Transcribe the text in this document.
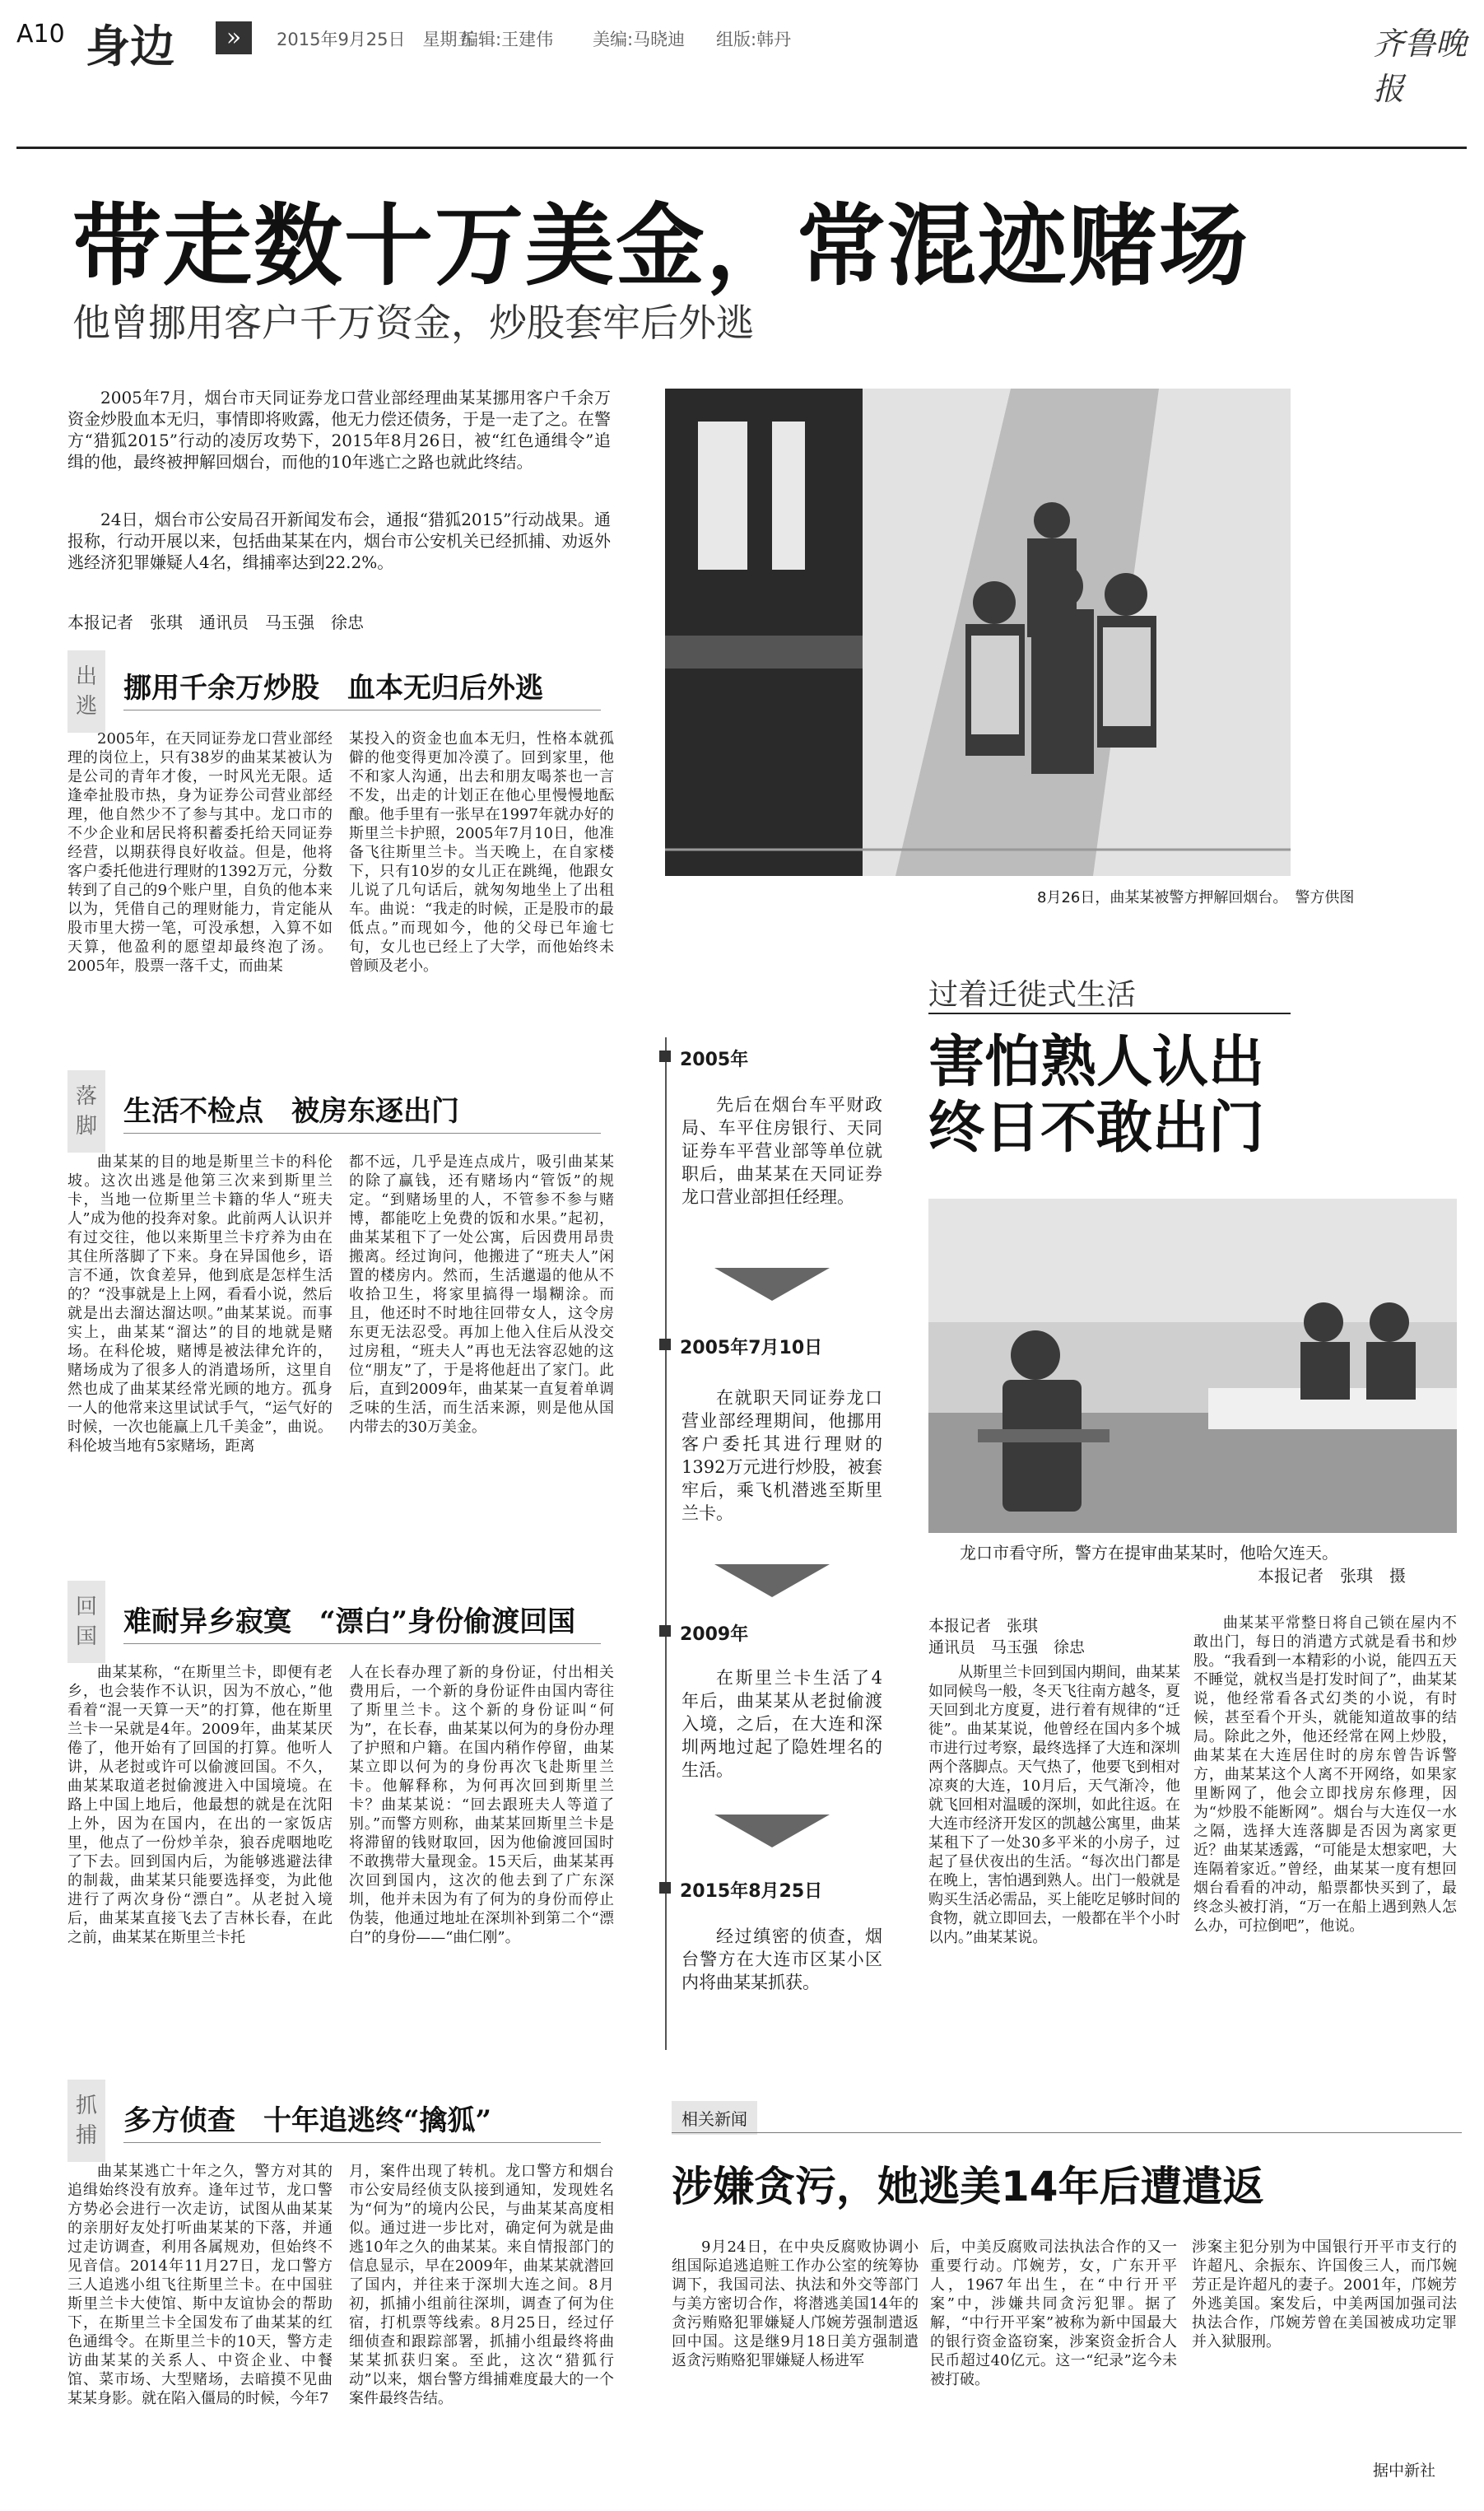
A10 身边	»	2015年9月25日　星期五
编辑:王建伟 美编:马晓迪 组版:韩丹	齐鲁晚报
带走数十万美金，常混迹赌场
他曾挪用客户千万资金，炒股套牢后外逃
2005年7月，烟台市天同证券龙口营业部经理曲某某挪用客户千余万资金炒股血本无归，事情即将败露，他无力偿还债务，于是一走了之。在警方“猎狐2015”行动的凌厉攻势下，2015年8月26日，被“红色通缉令”追缉的他，最终被押解回烟台，而他的10年逃亡之路也就此终结。
24日，烟台市公安局召开新闻发布会，通报“猎狐2015”行动战果。通报称，行动开展以来，包括曲某某在内，烟台市公安机关已经抓捕、劝返外逃经济犯罪嫌疑人4名，缉捕率达到22.2%。
本报记者　张琪　通讯员　马玉强　徐忠
8月26日，曲某某被警方押解回烟台。　警方供图
出逃
挪用千余万炒股　血本无归后外逃
2005年，在天同证券龙口营业部经理的岗位上，只有38岁的曲某某被认为是公司的青年才俊，一时风光无限。适逢牵扯股市热，身为证券公司营业部经理，他自然少不了参与其中。龙口市的不少企业和居民将积蓄委托给天同证券经营，以期获得良好收益。但是，他将客户委托他进行理财的1392万元，分数转到了自己的9个账户里，自负的他本来以为，凭借自己的理财能力，肯定能从股市里大捞一笔，可没承想，入算不如天算，他盈利的愿望却最终泡了汤。2005年，股票一落千丈，而曲某
某投入的资金也血本无归，性格本就孤僻的他变得更加冷漠了。回到家里，他不和家人沟通，出去和朋友喝茶也一言不发，出走的计划正在他心里慢慢地酝酿。他手里有一张早在1997年就办好的斯里兰卡护照，2005年7月10日，他准备飞往斯里兰卡。当天晚上，在自家楼下，只有10岁的女儿正在跳绳，他跟女儿说了几句话后，就匆匆地坐上了出租车。曲说：“我走的时候，正是股市的最低点。”而现如今，他的父母已年逾七旬，女儿也已经上了大学，而他始终未曾顾及老小。
落脚 生活不检点　被房东逐出门
曲某某的目的地是斯里兰卡的科伦坡。这次出逃是他第三次来到斯里兰卡，当地一位斯里兰卡籍的华人“班夫人”成为他的投奔对象。此前两人认识并有过交往，他以来斯里兰卡疗养为由在其住所落脚了下来。身在异国他乡，语言不通，饮食差异，他到底是怎样生活的？“没事就是上上网，看看小说，然后就是出去溜达溜达呗。”曲某某说。而事实上，曲某某“溜达”的目的地就是赌场。在科伦坡，赌博是被法律允许的，赌场成为了很多人的消遣场所，这里自然也成了曲某某经常光顾的地方。孤身一人的他常来这里试试手气，“运气好的时候，一次也能赢上几千美金”，曲说。科伦坡当地有5家赌场，距离
都不远，几乎是连点成片，吸引曲某某的除了赢钱，还有赌场内“管饭”的规定。“到赌场里的人，不管参不参与赌博，都能吃上免费的饭和水果。”起初，曲某某租下了一处公寓，后因费用昂贵搬离。经过询问，他搬进了“班夫人”闲置的楼房内。然而，生活邋遢的他从不收拾卫生，将家里搞得一塌糊涂。而且，他还时不时地往回带女人，这令房东更无法忍受。再加上他入住后从没交过房租，“班夫人”再也无法容忍她的这位“朋友”了，于是将他赶出了家门。此后，直到2009年，曲某某一直复着单调乏味的生活，而生活来源，则是他从国内带去的30万美金。
回国 难耐异乡寂寞　“漂白”身份偷渡回国
曲某某称，“在斯里兰卡，即便有老乡，也会装作不认识，因为不放心，”他看着“混一天算一天”的打算，他在斯里兰卡一呆就是4年。2009年，曲某某厌倦了，他开始有了回国的打算。他听人讲，从老挝或许可以偷渡回国。不久，曲某某取道老挝偷渡进入中国境境。在路上中国上地后，他最想的就是在沈阳上外，因为在国内，在出的一家饭店里，他点了一份炒羊杂，狼吞虎咽地吃了下去。回到国内后，为能够逃避法律的制裁，曲某某只能要选择变，为此他进行了两次身份“漂白”。从老挝入境后，曲某某直接飞去了吉林长春，在此之前，曲某某在斯里兰卡托
人在长春办理了新的身份证，付出相关费用后，一个新的身份证件由国内寄往了斯里兰卡。这个新的身份证叫“何为”，在长春，曲某某以何为的身份办理了护照和户籍。在国内稍作停留，曲某某立即以何为的身份再次飞赴斯里兰卡。他解释称，为何再次回到斯里兰卡？曲某某说：“回去跟班夫人等道了别。”而警方则称，曲某某回斯里兰卡是将滞留的钱财取回，因为他偷渡回国时不敢携带大量现金。15天后，曲某某再次回到国内，这次的他去到了广东深圳，他并未因为有了何为的身份而停止伪装，他通过地址在深圳补到第二个“漂白”的身份——“曲仁刚”。
抓捕 多方侦查　十年追逃终“擒狐”
曲某某逃亡十年之久，警方对其的追缉始终没有放弃。逢年过节，龙口警方势必会进行一次走访，试图从曲某某的亲朋好友处打听曲某某的下落，并通过走访调查，利用各属规劝，但始终不见音信。2014年11月27日，龙口警方三人追逃小组飞往斯里兰卡。在中国驻斯里兰卡大使馆、斯中友谊协会的帮助下，在斯里兰卡全国发布了曲某某的红色通缉令。在斯里兰卡的10天，警方走访曲某某的关系人、中资企业、中餐馆、菜市场、大型赌场，去暗摸不见曲某某身影。就在陷入僵局的时候，今年7
月，案件出现了转机。龙口警方和烟台市公安局经侦支队接到通知，发现姓名为“何为”的境内公民，与曲某某高度相似。通过进一步比对，确定何为就是曲逃10年之久的曲某某。来自情报部门的信息显示，早在2009年，曲某某就潜回了国内，并往来于深圳大连之间。8月初，抓捕小组前往深圳，调查了何为住宿，打机票等线索。8月25日，经过仔细侦查和跟踪部署，抓捕小组最终将曲某某抓获归案。至此，这次“猎狐行动”以来，烟台警方缉捕难度最大的一个案件最终告结。
2005年
先后在烟台车平财政局、车平住房银行、天同证券车平营业部等单位就职后，曲某某在天同证券龙口营业部担任经理。
2005年7月10日
在就职天同证券龙口营业部经理期间，他挪用客户委托其进行理财的1392万元进行炒股，被套牢后，乘飞机潜逃至斯里兰卡。
2009年
在斯里兰卡生活了4年后，曲某某从老挝偷渡入境，之后，在大连和深圳两地过起了隐姓埋名的生活。
2015年8月25日
经过缜密的侦查，烟台警方在大连市区某小区内将曲某某抓获。
过着迁徙式生活
害怕熟人认出
终日不敢出门
龙口市看守所，警方在提审曲某某时，他哈欠连天。
本报记者　张琪　摄
本报记者　张琪
通讯员　马玉强　徐忠
从斯里兰卡回到国内期间，曲某某如同候鸟一般，冬天飞往南方越冬，夏天回到北方度夏，进行着有规律的“迁徙”。曲某某说，他曾经在国内多个城市进行过考察，最终选择了大连和深圳两个落脚点。天气热了，他要飞到相对凉爽的大连，10月后，天气渐冷，他就飞回相对温暖的深圳，如此往返。在大连市经济开发区的凯越公寓里，曲某某租下了一处30多平米的小房子，过起了昼伏夜出的生活。“每次出门都是在晚上，害怕遇到熟人。出门一般就是购买生活必需品，买上能吃足够时间的食物，就立即回去，一般都在半个小时以内。”曲某某说。
曲某某平常整日将自己锁在屋内不敢出门，每日的消遣方式就是看书和炒股。“我看到一本精彩的小说，能四五天不睡觉，就权当是打发时间了”，曲某某说，他经常看各式幻类的小说，有时候，甚至看个开头，就能知道故事的结局。除此之外，他还经常在网上炒股，曲某某在大连居住时的房东曾告诉警方，曲某某这个人离不开网络，如果家里断网了，他会立即找房东修理，因为“炒股不能断网”。烟台与大连仅一水之隔，选择大连落脚是否因为离家更近？曲某某透露，“可能是太想家吧，大连隔着家近。”曾经，曲某某一度有想回烟台看看的冲动，船票都快买到了，最终念头被打消，“万一在船上遇到熟人怎么办，可拉倒吧”，他说。
相关新闻
涉嫌贪污，她逃美14年后遭遣返
9月24日，在中央反腐败协调小组国际追逃追赃工作办公室的统筹协调下，我国司法、执法和外交等部门与美方密切合作，将潜逃美国14年的贪污贿赂犯罪嫌疑人邝婉芳强制遣返回中国。这是继9月18日美方强制遣返贪污贿赂犯罪嫌疑人杨进军
后，中美反腐败司法执法合作的又一重要行动。邝婉芳，女，广东开平人，1967年出生，在“中行开平案”中，涉嫌共同贪污犯罪。据了解，“中行开平案”被称为新中国最大的银行资金盗窃案，涉案资金折合人民币超过40亿元。这一“纪录”迄今未被打破。
涉案主犯分别为中国银行开平市支行的许超凡、余振东、许国俊三人，而邝婉芳正是许超凡的妻子。2001年，邝婉芳外逃美国。案发后，中美两国加强司法执法合作，邝婉芳曾在美国被成功定罪并入狱服刑。
据中新社
